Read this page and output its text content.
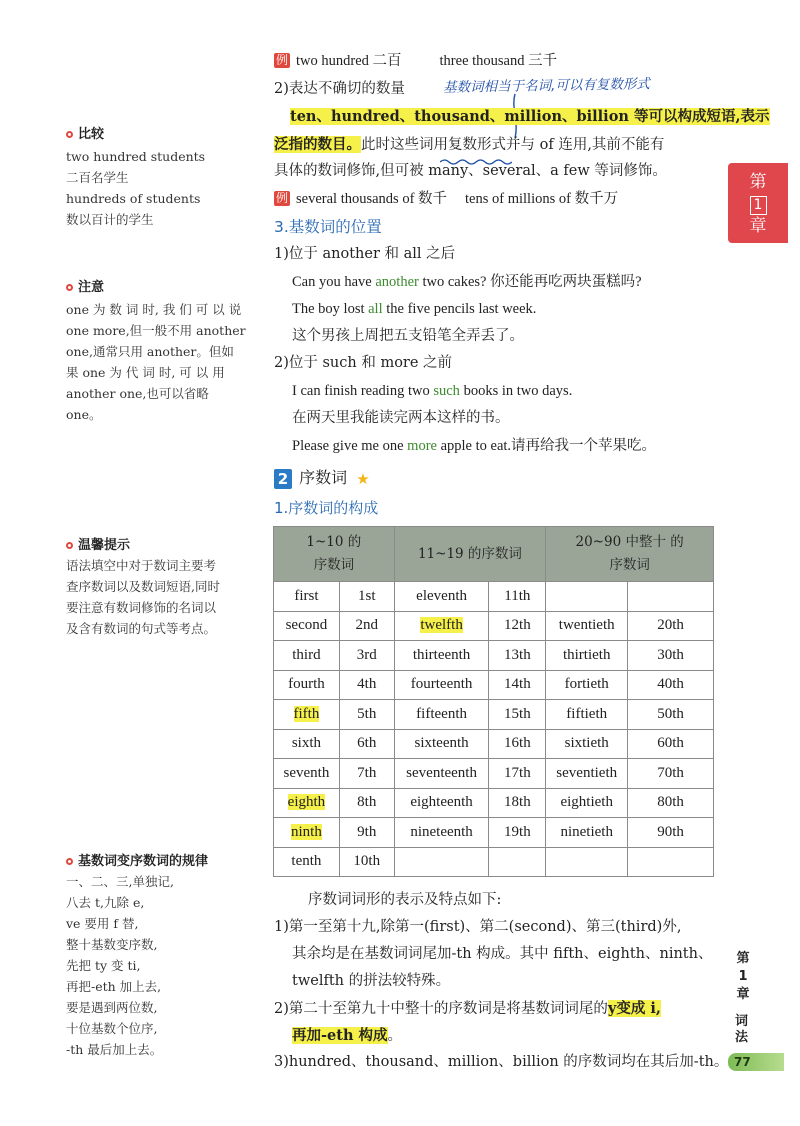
比较

two hundred students

二百名学生

hundreds of students

数以百计的学生

注意

one 为 数 词 时, 我 们 可 以 说

one more,但一般不用 another

one,通常只用 another。但如

果 one 为 代 词 时, 可 以 用

another one,也可以省略 one。

温馨提示

语法填空中对于数词主要考

查序数词以及数词短语,同时

要注意有数词修饰的名词以

及含有数词的句式等考点。

基数词变序数词的规律

一、二、三,单独记,

八去 t,九除 e,

ve 要用 f 替,

整十基数变序数,

先把 ty 变 ti,

再把-eth 加上去,

要是遇到两位数,

十位基数个位序,

-th 最后加上去。

例 two hundred 二百	three thousand 三千
2)表达不确切的数量	基数词相当于名词,可以有复数形式
ten、hundred、thousand、million、billion 等可以构成短语,表示
泛指的数目。此时这些词用复数形式并与 of 连用,其前不能有
具体的数词修饰,但可被 many、several、a few 等词修饰。
例 several thousands of 数千 tens of millions of 数千万
3.基数词的位置
1)位于 another 和 all 之后
Can you have another two cakes? 你还能再吃两块蛋糕吗?
The boy lost all the five pencils last week.
这个男孩上周把五支铅笔全弄丢了。
2)位于 such 和 more 之前
I can finish reading two such books in two days.
在两天里我能读完两本这样的书。
Please give me one more apple to eat.请再给我一个苹果吃。
2 序数词 ★
1.序数词的构成
1~10 的 序数词		11~19 的序数词		20~90 中整十 的序数词	
first	1st	eleventh	11th		
second	2nd	twelfth	12th	twentieth	20th
third	3rd	thirteenth	13th	thirtieth	30th
fourth	4th	fourteenth	14th	fortieth	40th
fifth	5th	fifteenth	15th	fiftieth	50th
sixth	6th	sixteenth	16th	sixtieth	60th
seventh	7th	seventeenth	17th	seventieth	70th
eighth	8th	eighteenth	18th	eightieth	80th
ninth	9th	nineteenth	19th	ninetieth	90th
tenth	10th				
序数词词形的表示及特点如下:
1)第一至第十九,除第一(first)、第二(second)、第三(third)外,
其余均是在基数词词尾加-th 构成。其中 fifth、eighth、ninth、
twelfth 的拼法较特殊。
2)第二十至第九十中整十的序数词是将基数词词尾的y变成 i,
再加-eth 构成。
3)hundred、thousand、million、billion 的序数词均在其后加-th。
第
1
章
第
1
章
词法
77
